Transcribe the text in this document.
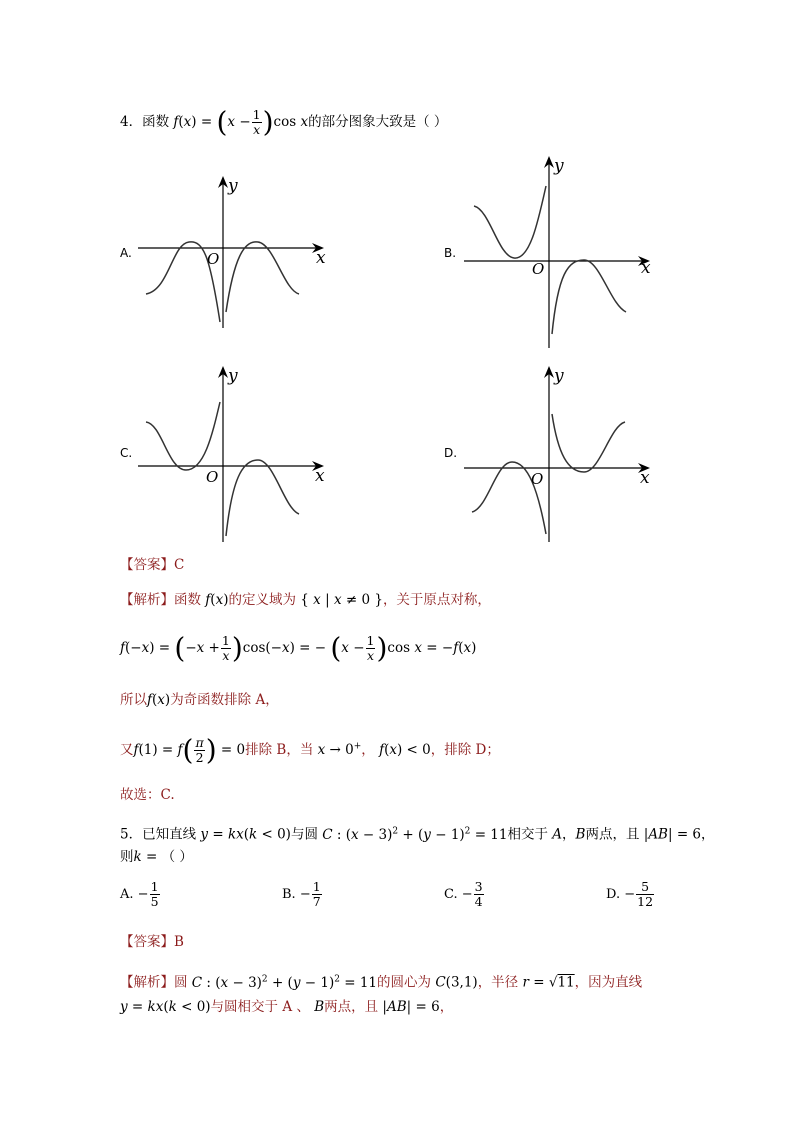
4．函数 $f(x) = (x - \frac{1}{x} )\cos$ x的部分图象大致是（ ）
A.
y
x
O	B.
y
x
O
C.
y
x
O
D.
y
x
O
【答案】C
【解析】函数 f(x)的定义域为 { x | x ≠ 0 }，关于原点对称，
$f(-x) = (-x + \frac{1}{x} )\cos(-x)$ = − $(x - \frac{1}{x} )\cos$ x = −f(x)
所以f(x)为奇函数排除 A，
又$f(1) = f( \frac{\pi}{2}$ ) = 0排除 B，当 x → 0+， f(x) < 0，排除 D；
故选：C.
5．已知直线 y = kx(k < 0)与圆 C : $(x - 3)^2 + (y - 1)^2 = 11$相交于 A，B两点，且 |AB| = 6，
则k = （ ）
A. − $\frac{1}{5}$	B. − $\frac{1}{7}$	C. − $\frac{3}{4}$	D. − $\frac{5}{12}$
【答案】B
【解析】圆 C : $(x - 3)^2 + (y - 1)^2 = 11$的圆心为 C(3,1)，半径 r = √11，因为直线
y = kx(k < 0)与圆相交于 A 、 B两点，且 |AB| = 6，
